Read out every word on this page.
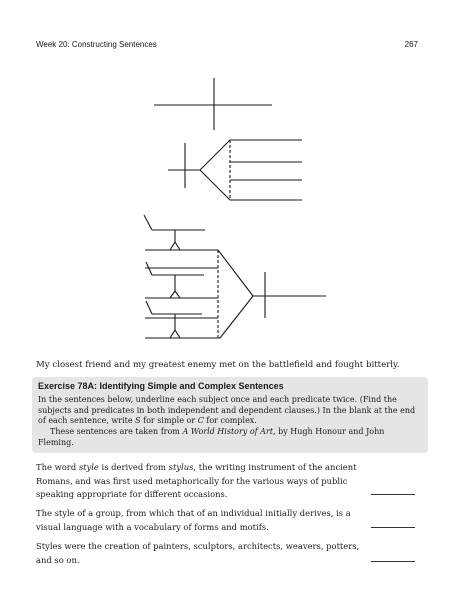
Week 20: Constructing Sentences	267
My closest friend and my greatest enemy met on the battlefield and fought bitterly.
Exercise 78A: Identifying Simple and Complex Sentences
In the sentences below, underline each subject once and each predicate twice. (Find the subjects and predicates in both independent and dependent clauses.) In the blank at the end of each sentence, write S for simple or C for complex.
These sentences are taken from A World History of Art, by Hugh Honour and John Fleming.
The word style is derived from stylus, the writing instrument of the ancient Romans, and was first used metaphorically for the various ways of public speaking appropriate for different occasions.
The style of a group, from which that of an individual initially derives, is a visual language with a vocabulary of forms and motifs.
Styles were the creation of painters, sculptors, architects, weavers, potters, and so on.
